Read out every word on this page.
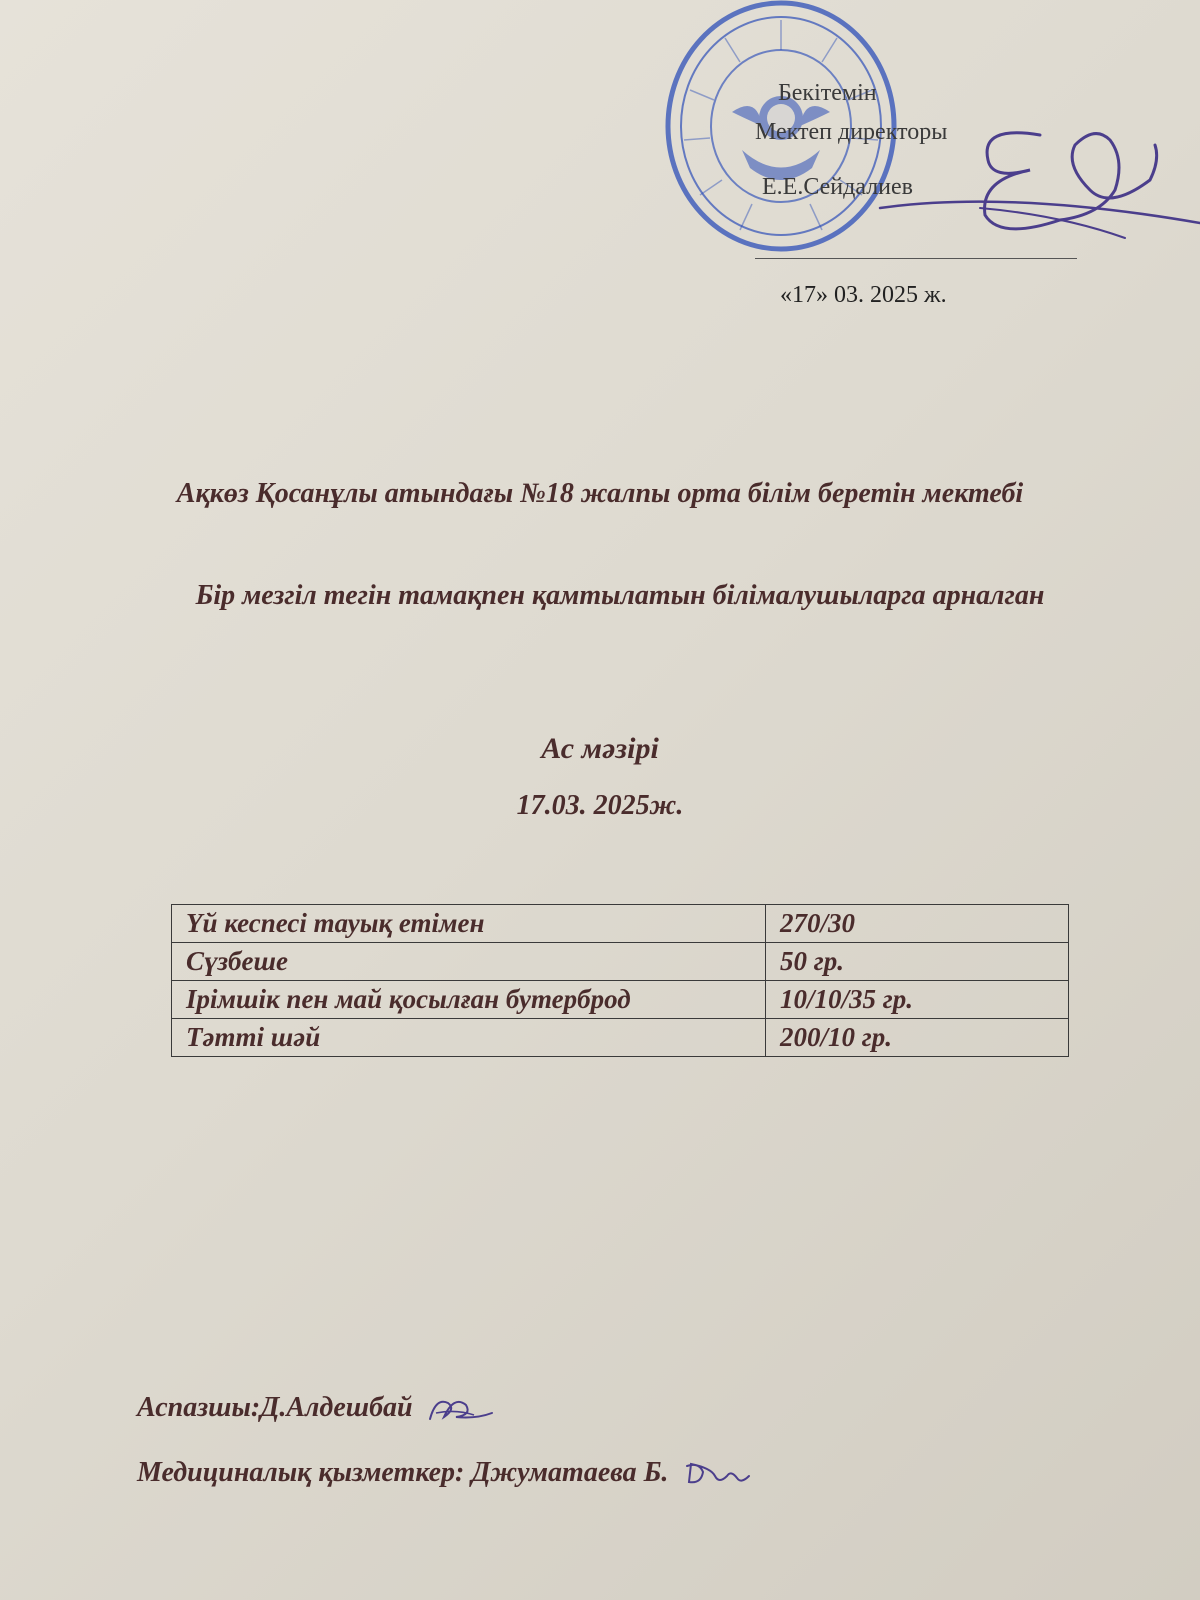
Бекітемін
Мектеп директоры
Е.Е.Сейдалиев
«17» 03. 2025 ж.
Ақкөз Қосанұлы атындағы №18 жалпы орта білім беретін мектебі
Бір мезгіл тегін тамақпен қамтылатын білімалушыларга арналган
Ас мәзірі
17.03. 2025ж.
Үй кеспесі тауық етімен	270/30
Сүзбеше	50 гр.
Ірімшік пен май қосылған бутерброд	10/10/35 гр.
Тәтті шәй	200/10 гр.
Аспазшы:Д.Алдешбай
Медициналық қызметкер: Джуматаева Б.
